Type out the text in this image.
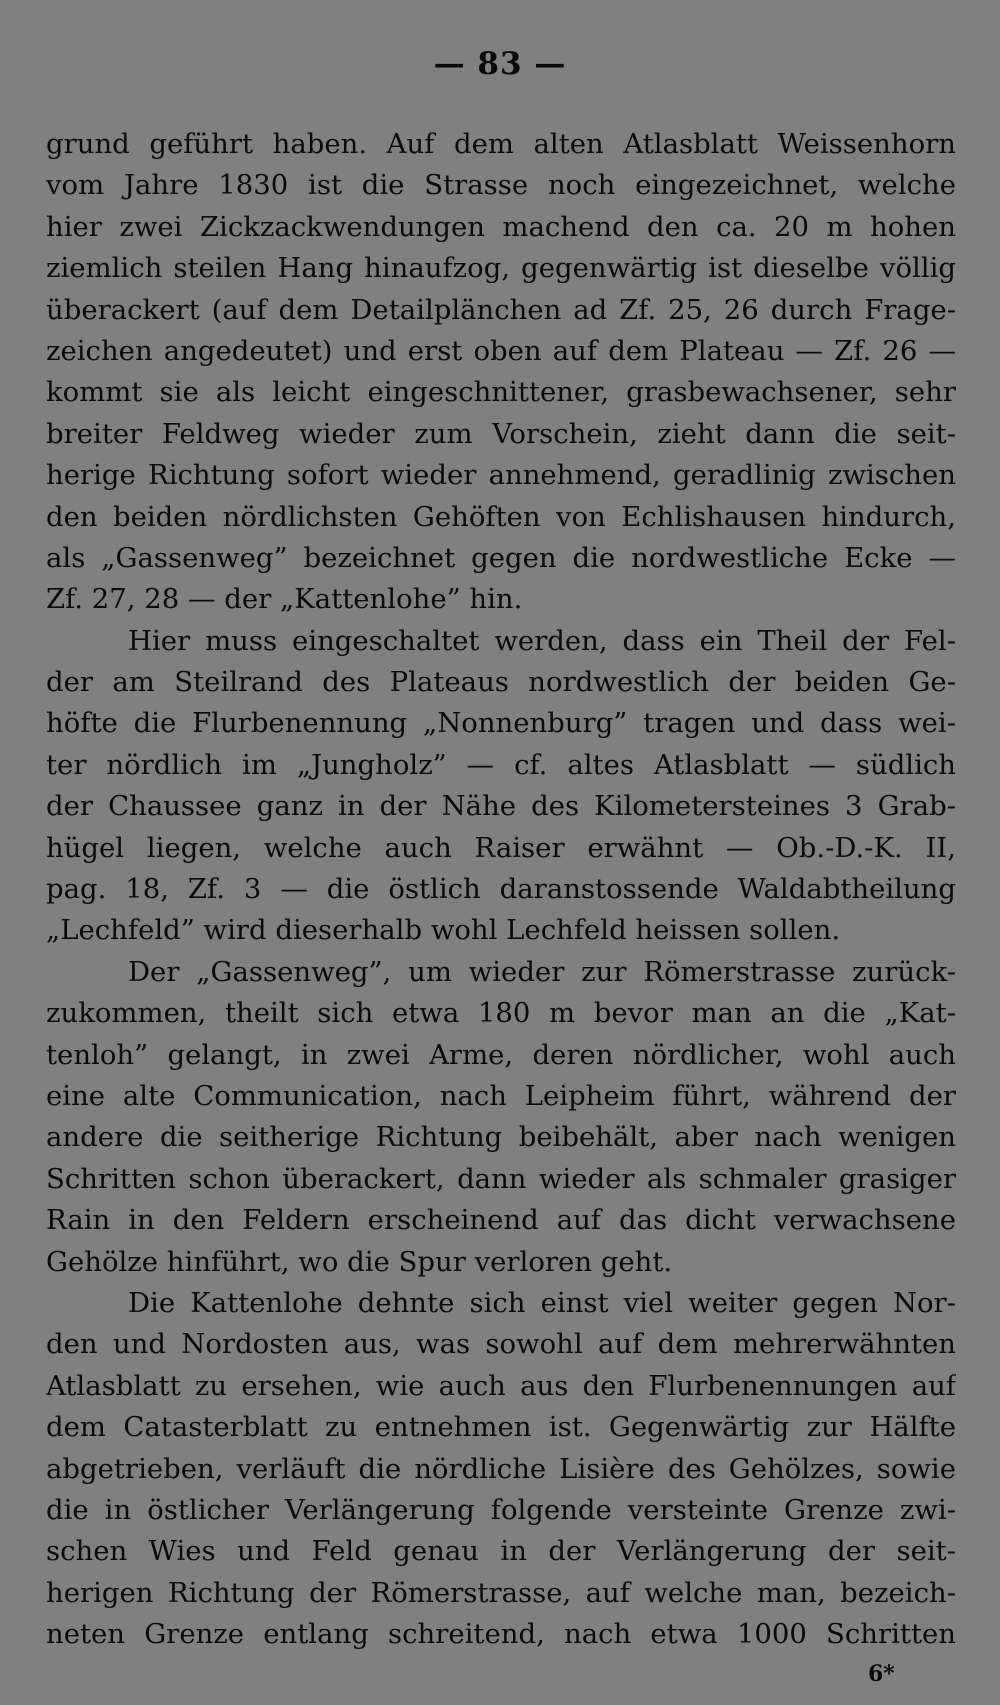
— 83 —
grund geführt haben. Auf dem alten Atlasblatt Weissenhorn
vom Jahre 1830 ist die Strasse noch eingezeichnet, welche
hier zwei Zickzackwendungen machend den ca. 20 m hohen
ziemlich steilen Hang hinaufzog, gegenwärtig ist dieselbe völlig
überackert (auf dem Detailplänchen ad Zf. 25, 26 durch Frage-
zeichen angedeutet) und erst oben auf dem Plateau — Zf. 26 —
kommt sie als leicht eingeschnittener, grasbewachsener, sehr
breiter Feldweg wieder zum Vorschein, zieht dann die seit-
herige Richtung sofort wieder annehmend, geradlinig zwischen
den beiden nördlichsten Gehöften von Echlishausen hindurch,
als „Gassenweg” bezeichnet gegen die nordwestliche Ecke —
Zf. 27, 28 — der „Kattenlohe” hin.
Hier muss eingeschaltet werden, dass ein Theil der Fel-
der am Steilrand des Plateaus nordwestlich der beiden Ge-
höfte die Flurbenennung „Nonnenburg” tragen und dass wei-
ter nördlich im „Jungholz” — cf. altes Atlasblatt — südlich
der Chaussee ganz in der Nähe des Kilometersteines 3 Grab-
hügel liegen, welche auch Raiser erwähnt — Ob.-D.-K. II,
pag. 18, Zf. 3 — die östlich daranstossende Waldabtheilung
„Lechfeld” wird dieserhalb wohl Lechfeld heissen sollen.
Der „Gassenweg”, um wieder zur Römerstrasse zurück-
zukommen, theilt sich etwa 180 m bevor man an die „Kat-
tenloh” gelangt, in zwei Arme, deren nördlicher, wohl auch
eine alte Communication, nach Leipheim führt, während der
andere die seitherige Richtung beibehält, aber nach wenigen
Schritten schon überackert, dann wieder als schmaler grasiger
Rain in den Feldern erscheinend auf das dicht verwachsene
Gehölze hinführt, wo die Spur verloren geht.
Die Kattenlohe dehnte sich einst viel weiter gegen Nor-
den und Nordosten aus, was sowohl auf dem mehrerwähnten
Atlasblatt zu ersehen, wie auch aus den Flurbenennungen auf
dem Catasterblatt zu entnehmen ist. Gegenwärtig zur Hälfte
abgetrieben, verläuft die nördliche Lisière des Gehölzes, sowie
die in östlicher Verlängerung folgende versteinte Grenze zwi-
schen Wies und Feld genau in der Verlängerung der seit-
herigen Richtung der Römerstrasse, auf welche man, bezeich-
neten Grenze entlang schreitend, nach etwa 1000 Schritten
6*
